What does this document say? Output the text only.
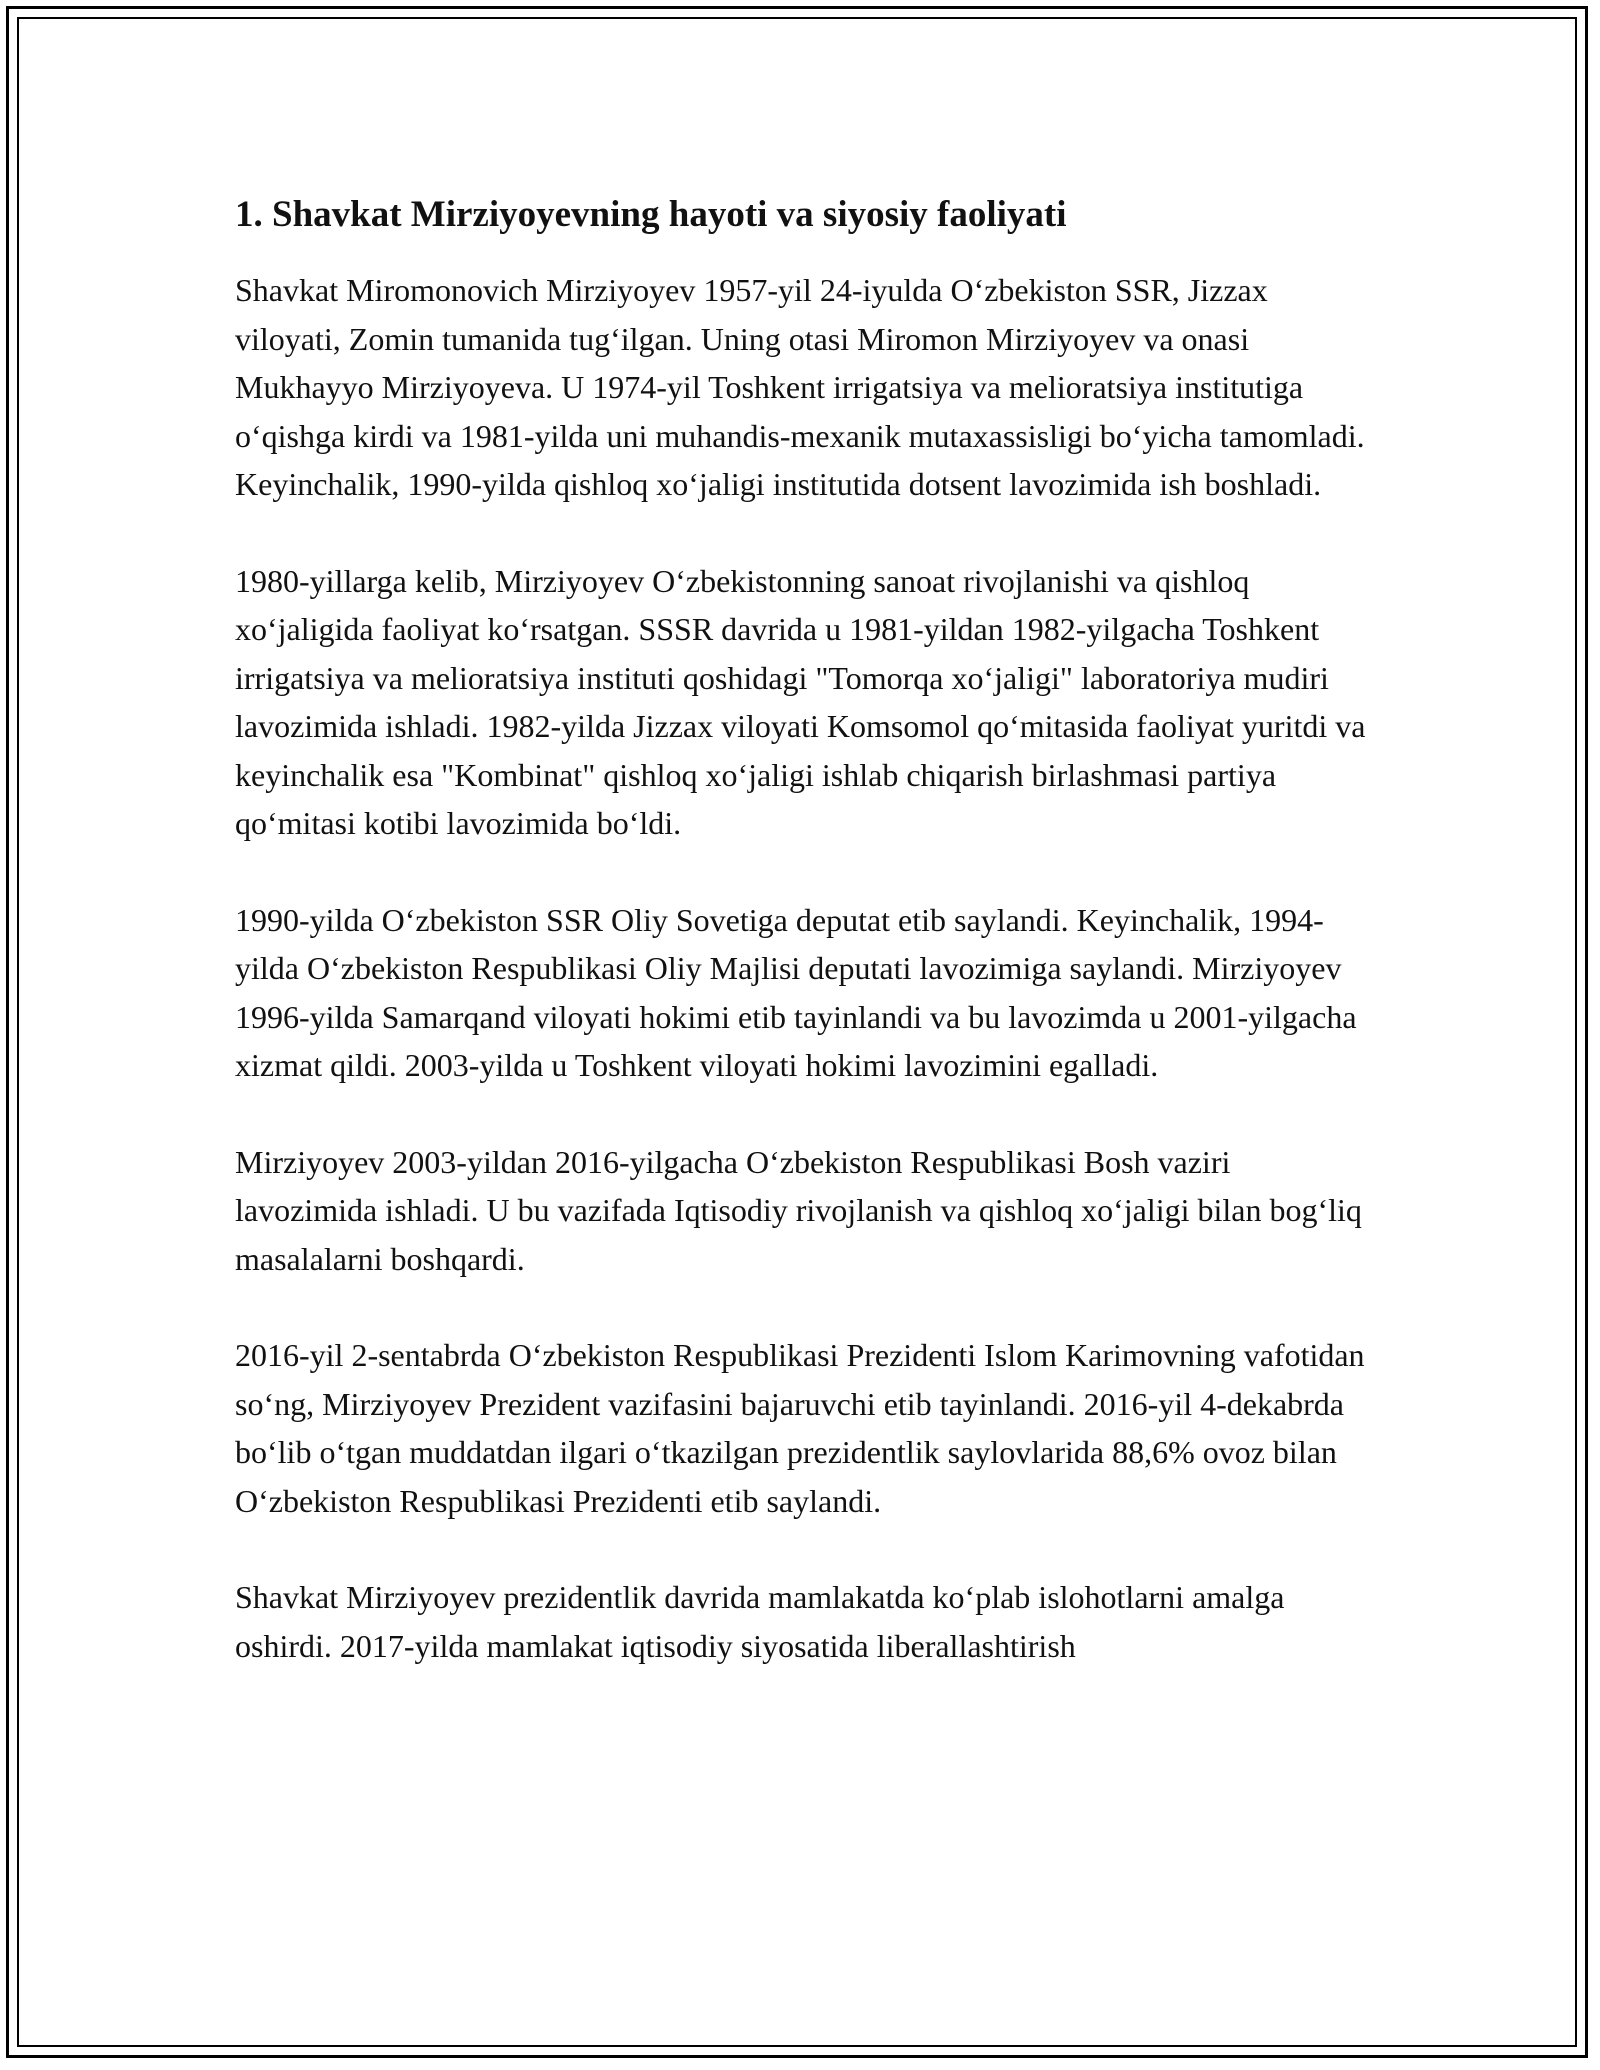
1. Shavkat Mirziyoyevning hayoti va siyosiy faoliyati

Shavkat Miromonovich Mirziyoyev 1957-yil 24-iyulda O‘zbekiston SSR, Jizzax viloyati, Zomin tumanida tug‘ilgan. Uning otasi Miromon Mirziyoyev va onasi Mukhayyo Mirziyoyeva. U 1974-yil Toshkent irrigatsiya va melioratsiya institutiga o‘qishga kirdi va 1981-yilda uni muhandis-mexanik mutaxassisligi bo‘yicha tamomladi. Keyinchalik, 1990-yilda qishloq xo‘jaligi institutida dotsent lavozimida ish boshladi.

1980-yillarga kelib, Mirziyoyev O‘zbekistonning sanoat rivojlanishi va qishloq xo‘jaligida faoliyat ko‘rsatgan. SSSR davrida u 1981-yildan 1982-yilgacha Toshkent irrigatsiya va melioratsiya instituti qoshidagi "Tomorqa xo‘jaligi" laboratoriya mudiri lavozimida ishladi. 1982-yilda Jizzax viloyati Komsomol qo‘mitasida faoliyat yuritdi va keyinchalik esa "Kombinat" qishloq xo‘jaligi ishlab chiqarish birlashmasi partiya qo‘mitasi kotibi lavozimida bo‘ldi.

1990-yilda O‘zbekiston SSR Oliy Sovetiga deputat etib saylandi. Keyinchalik, 1994-yilda O‘zbekiston Respublikasi Oliy Majlisi deputati lavozimiga saylandi. Mirziyoyev 1996-yilda Samarqand viloyati hokimi etib tayinlandi va bu lavozimda u 2001-yilgacha xizmat qildi. 2003-yilda u Toshkent viloyati hokimi lavozimini egalladi.

Mirziyoyev 2003-yildan 2016-yilgacha O‘zbekiston Respublikasi Bosh vaziri lavozimida ishladi. U bu vazifada Iqtisodiy rivojlanish va qishloq xo‘jaligi bilan bog‘liq masalalarni boshqardi.

2016-yil 2-sentabrda O‘zbekiston Respublikasi Prezidenti Islom Karimovning vafotidan so‘ng, Mirziyoyev Prezident vazifasini bajaruvchi etib tayinlandi. 2016-yil 4-dekabrda bo‘lib o‘tgan muddatdan ilgari o‘tkazilgan prezidentlik saylovlarida 88,6% ovoz bilan O‘zbekiston Respublikasi Prezidenti etib saylandi.

Shavkat Mirziyoyev prezidentlik davrida mamlakatda ko‘plab islohotlarni amalga oshirdi. 2017-yilda mamlakat iqtisodiy siyosatida liberallashtirish
